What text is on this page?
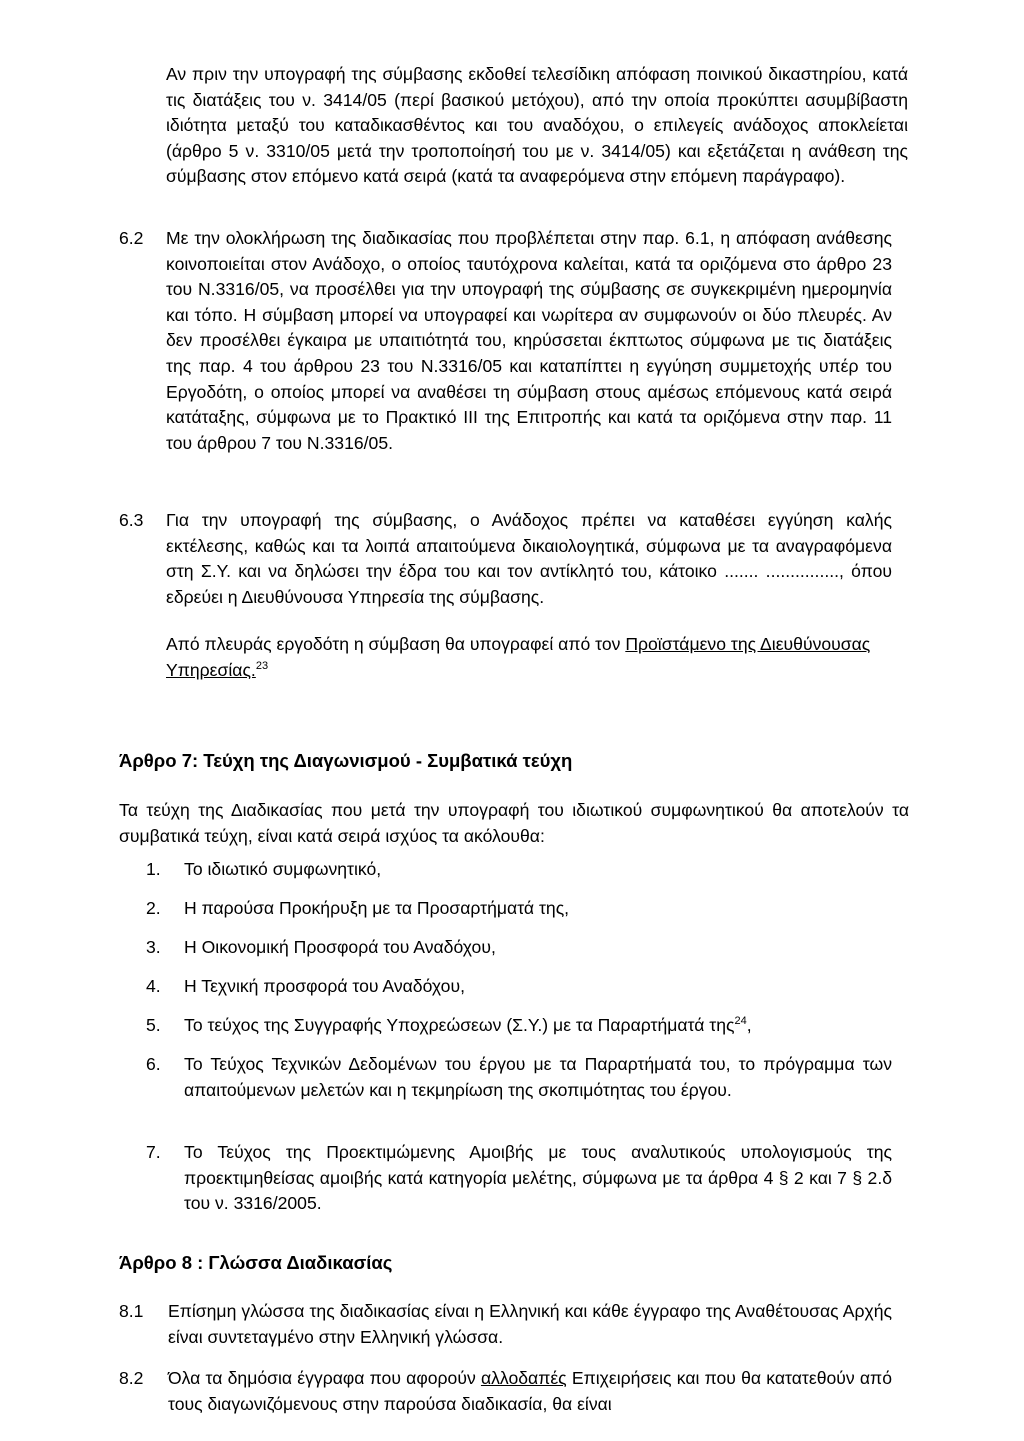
Αν πριν την υπογραφή της σύμβασης εκδοθεί τελεσίδικη απόφαση ποινικού δικαστηρίου, κατά τις διατάξεις του ν. 3414/05 (περί βασικού μετόχου), από την οποία προκύπτει ασυμβίβαστη ιδιότητα μεταξύ του καταδικασθέντος και του αναδόχου, ο επιλεγείς ανάδοχος αποκλείεται (άρθρο 5 ν. 3310/05 μετά την τροποποίησή του με ν. 3414/05) και εξετάζεται η ανάθεση της σύμβασης στον επόμενο κατά σειρά (κατά τα αναφερόμενα στην επόμενη παράγραφο).

6.2 Με την ολοκλήρωση της διαδικασίας που προβλέπεται στην παρ. 6.1, η απόφαση ανάθεσης κοινοποιείται στον Ανάδοχο, ο οποίος ταυτόχρονα καλείται, κατά τα οριζόμενα στο άρθρο 23 του Ν.3316/05, να προσέλθει για την υπογραφή της σύμβασης σε συγκεκριμένη ημερομηνία και τόπο. Η σύμβαση μπορεί να υπογραφεί και νωρίτερα αν συμφωνούν οι δύο πλευρές. Αν δεν προσέλθει έγκαιρα με υπαιτιότητά του, κηρύσσεται έκπτωτος σύμφωνα με τις διατάξεις της παρ. 4 του άρθρου 23 του Ν.3316/05 και καταπίπτει η εγγύηση συμμετοχής υπέρ του Εργοδότη, ο οποίος μπορεί να αναθέσει τη σύμβαση στους αμέσως επόμενους κατά σειρά κατάταξης, σύμφωνα με το Πρακτικό ΙΙΙ της Επιτροπής και κατά τα οριζόμενα στην παρ. 11 του άρθρου 7 του Ν.3316/05.

6.3 Για την υπογραφή της σύμβασης, ο Ανάδοχος πρέπει να καταθέσει εγγύηση καλής εκτέλεσης, καθώς και τα λοιπά απαιτούμενα δικαιολογητικά, σύμφωνα με τα αναγραφόμενα στη Σ.Υ. και να δηλώσει την έδρα του και τον αντίκλητό του, κάτοικο ....... ..............., όπου εδρεύει η Διευθύνουσα Υπηρεσία της σύμβασης.

Από πλευράς εργοδότη η σύμβαση θα υπογραφεί από τον Προϊστάμενο της Διευθύνουσας Υπηρεσίας.$^{23}$

Άρθρο 7: Τεύχη της Διαγωνισμού - Συμβατικά τεύχη

Τα τεύχη της Διαδικασίας που μετά την υπογραφή του ιδιωτικού συμφωνητικού θα αποτελούν τα συμβατικά τεύχη, είναι κατά σειρά ισχύος τα ακόλουθα:

1. Το ιδιωτικό συμφωνητικό,

2. Η παρούσα Προκήρυξη με τα Προσαρτήματά της,

3. Η Οικονομική Προσφορά του Αναδόχου,

4. Η Τεχνική προσφορά του Αναδόχου,

5. Το τεύχος της Συγγραφής Υποχρεώσεων (Σ.Υ.) με τα Παραρτήματά της$^{24}$,

6. Το Τεύχος Τεχνικών Δεδομένων του έργου με τα Παραρτήματά του, το πρόγραμμα των απαιτούμενων μελετών και η τεκμηρίωση της σκοπιμότητας του έργου.

7. Το Τεύχος της Προεκτιμώμενης Αμοιβής με τους αναλυτικούς υπολογισμούς της προεκτιμηθείσας αμοιβής κατά κατηγορία μελέτης, σύμφωνα με τα άρθρα 4 § 2 και 7 § 2.δ του ν. 3316/2005.

Άρθρο 8 : Γλώσσα Διαδικασίας
8.1 Επίσημη γλώσσα της διαδικασίας είναι η Ελληνική και κάθε έγγραφο της Αναθέτουσας Αρχής είναι συντεταγμένο στην Ελληνική γλώσσα.

8.2 Όλα τα δημόσια έγγραφα που αφορούν αλλοδαπές Επιχειρήσεις και που θα κατατεθούν από τους διαγωνιζόμενους στην παρούσα διαδικασία, θα είναι
